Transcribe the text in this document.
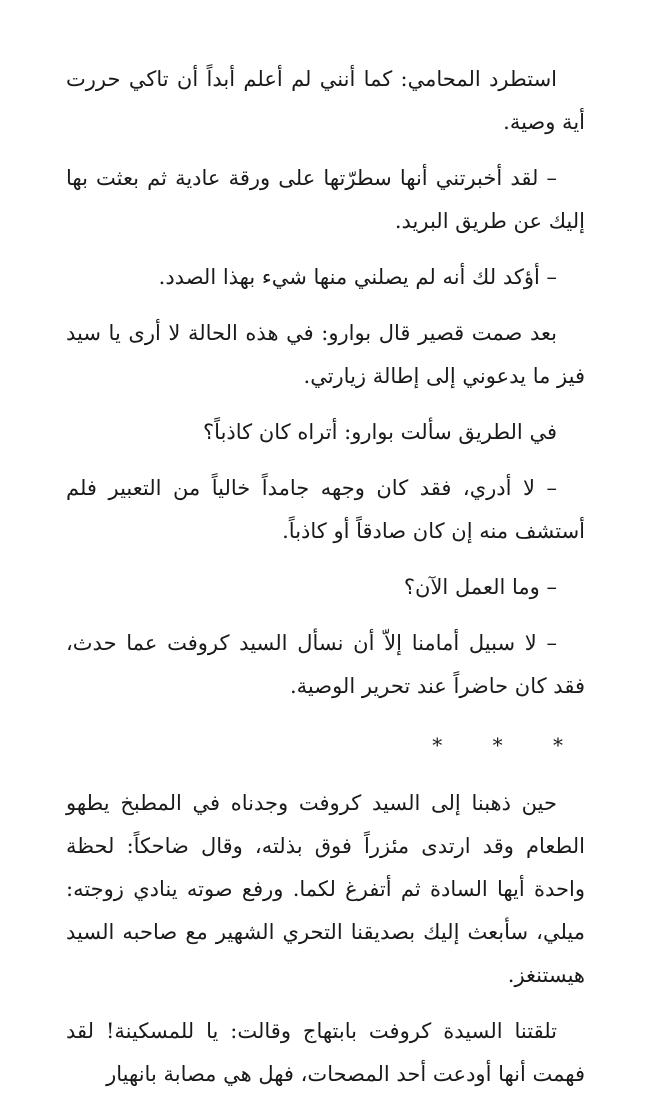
استطرد المحامي: كما أنني لم أعلم أبداً أن تاكي حررت أية وصية.

– لقد أخبرتني أنها سطرّتها على ورقة عادية ثم بعثت بها إليك عن طريق البريد.

– أؤكد لك أنه لم يصلني منها شيء بهذا الصدد.

بعد صمت قصير قال بوارو: في هذه الحالة لا أرى يا سيد فيز ما يدعوني إلى إطالة زيارتي.

في الطريق سألت بوارو: أتراه كان كاذباً؟

– لا أدري، فقد كان وجهه جامداً خالياً من التعبير فلم أستشف منه إن كان صادقاً أو كاذباً.

– وما العمل الآن؟

– لا سبيل أمامنا إلاّ أن نسأل السيد كروفت عما حدث، فقد كان حاضراً عند تحرير الوصية.

* * *

حين ذهبنا إلى السيد كروفت وجدناه في المطبخ يطهو الطعام وقد ارتدى مئزراً فوق بذلته، وقال ضاحكاً: لحظة واحدة أيها السادة ثم أتفرغ لكما. ورفع صوته ينادي زوجته: ميلي، سأبعث إليك بصديقنا التحري الشهير مع صاحبه السيد هيستنغز.

تلقتنا السيدة كروفت بابتهاج وقالت: يا للمسكينة! لقد فهمت أنها أودعت أحد المصحات، فهل هي مصابة بانهيار
